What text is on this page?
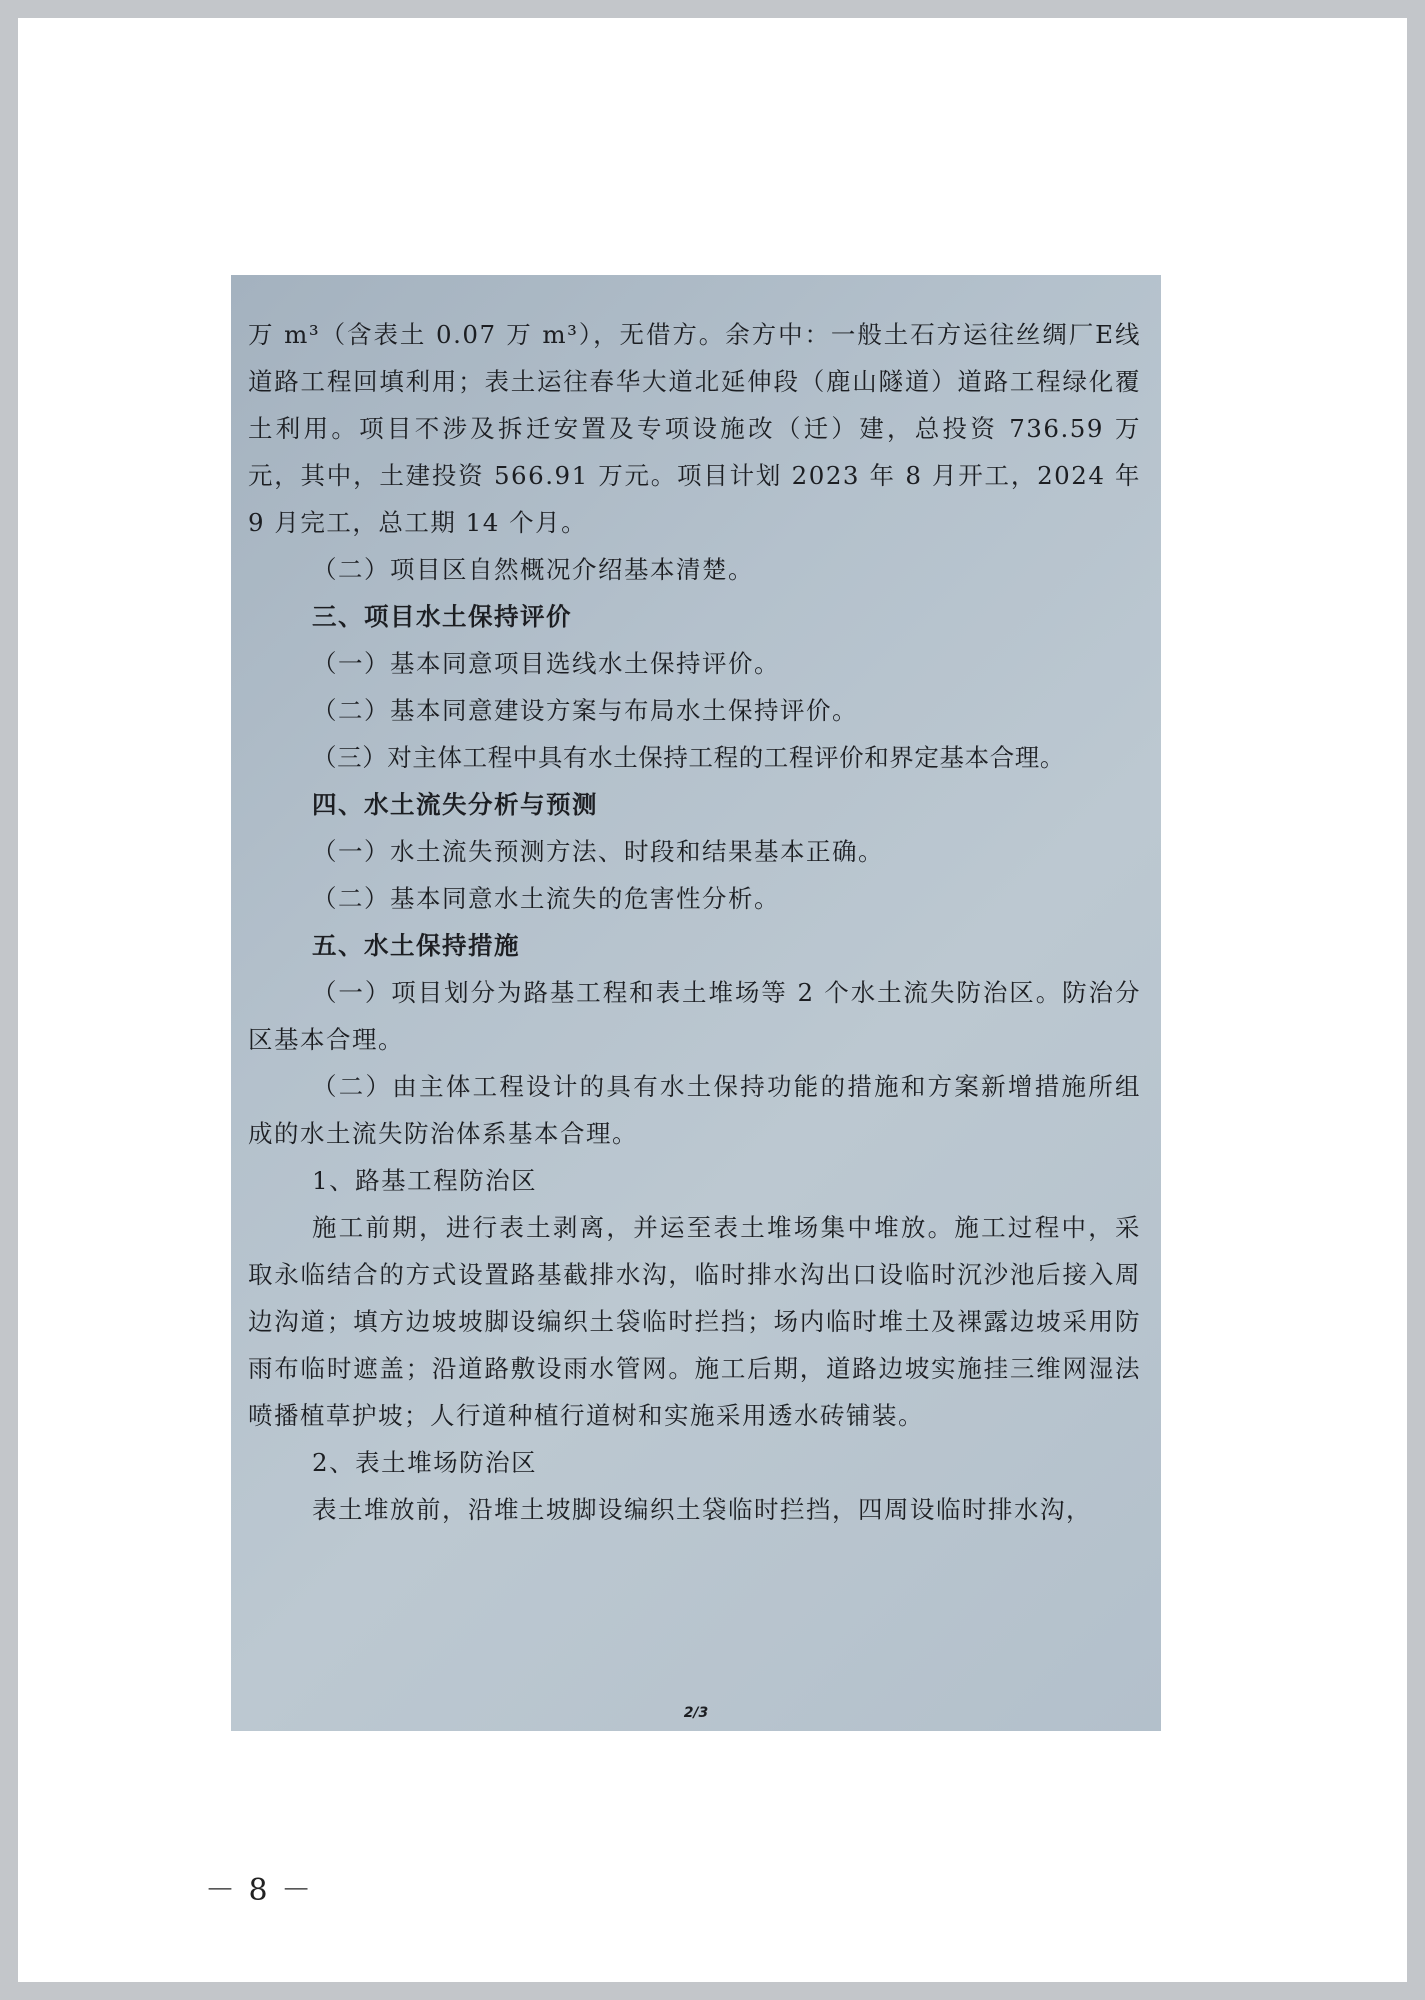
万 m³（含表土 0.07 万 m³），无借方。余方中：一般土石方运往丝绸厂E线道路工程回填利用；表土运往春华大道北延伸段（鹿山隧道）道路工程绿化覆土利用。项目不涉及拆迁安置及专项设施改（迁）建，总投资 736.59 万元，其中，土建投资 566.91 万元。项目计划 2023 年 8 月开工，2024 年 9 月完工，总工期 14 个月。

（二）项目区自然概况介绍基本清楚。

三、项目水土保持评价

（一）基本同意项目选线水土保持评价。

（二）基本同意建设方案与布局水土保持评价。

（三）对主体工程中具有水土保持工程的工程评价和界定基本合理。

四、水土流失分析与预测

（一）水土流失预测方法、时段和结果基本正确。

（二）基本同意水土流失的危害性分析。

五、水土保持措施

（一）项目划分为路基工程和表土堆场等 2 个水土流失防治区。防治分区基本合理。

（二）由主体工程设计的具有水土保持功能的措施和方案新增措施所组成的水土流失防治体系基本合理。

1、路基工程防治区

施工前期，进行表土剥离，并运至表土堆场集中堆放。施工过程中，采取永临结合的方式设置路基截排水沟，临时排水沟出口设临时沉沙池后接入周边沟道；填方边坡坡脚设编织土袋临时拦挡；场内临时堆土及裸露边坡采用防雨布临时遮盖；沿道路敷设雨水管网。施工后期，道路边坡实施挂三维网湿法喷播植草护坡；人行道种植行道树和实施采用透水砖铺装。

2、表土堆场防治区

表土堆放前，沿堆土坡脚设编织土袋临时拦挡，四周设临时排水沟，

2/3
－ 8 －
